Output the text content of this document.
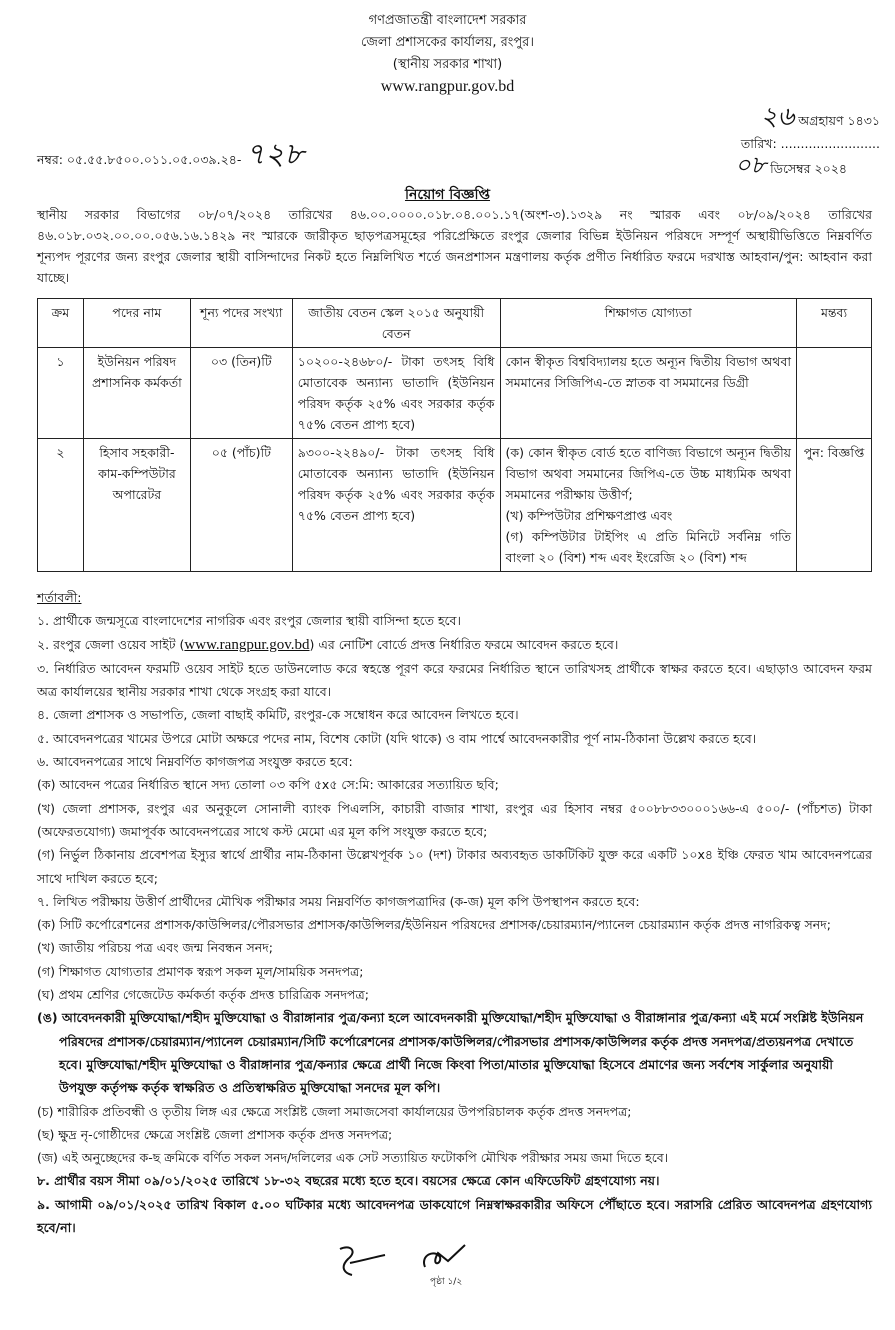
গণপ্রজাতন্ত্রী বাংলাদেশ সরকার
জেলা প্রশাসকের কার্যালয়, রংপুর।
(স্থানীয় সরকার শাখা)
www.rangpur.gov.bd
নম্বর: ০৫.৫৫.৮৫০০.০১১.০৫.০৩৯.২৪- ৭২৮
২৬ অগ্রহায়ণ ১৪৩১
তারিখ: .........................
০৮ ডিসেম্বর ২০২৪
নিয়োগ বিজ্ঞপ্তি

স্থানীয় সরকার বিভাগের ০৮/০৭/২০২৪ তারিখের ৪৬.০০.০০০০.০১৮.০৪.০০১.১৭(অংশ-৩).১৩২৯ নং স্মারক এবং ০৮/০৯/২০২৪ তারিখের ৪৬.০১৮.০৩২.০০.০০.০৫৬.১৬.১৪২৯ নং স্মারকে জারীকৃত ছাড়পত্রসমূহের পরিপ্রেক্ষিতে রংপুর জেলার বিভিন্ন ইউনিয়ন পরিষদে সম্পূর্ণ অস্থায়ীভিত্তিতে নিম্নবর্ণিত শূন্যপদ পূরণের জন্য রংপুর জেলার স্থায়ী বাসিন্দাদের নিকট হতে নিম্নলিখিত শর্তে জনপ্রশাসন মন্ত্রণালয় কর্তৃক প্রণীত নির্ধারিত ফরমে দরখাস্ত আহবান/পুন: আহবান করা যাচ্ছে।

ক্রম	পদের নাম	শূন্য পদের সংখ্যা	জাতীয় বেতন স্কেল ২০১৫ অনুযায়ী বেতন	শিক্ষাগত যোগ্যতা	মন্তব্য
১	ইউনিয়ন পরিষদ প্রশাসনিক কর্মকর্তা	০৩ (তিন)টি	১০২০০-২৪৬৮০/- টাকা তৎসহ বিধি মোতাবেক অন্যান্য ভাতাদি (ইউনিয়ন পরিষদ কর্তৃক ২৫% এবং সরকার কর্তৃক ৭৫% বেতন প্রাপ্য হবে)	কোন স্বীকৃত বিশ্ববিদ্যালয় হতে অন্যূন দ্বিতীয় বিভাগ অথবা সমমানের সিজিপিএ-তে স্নাতক বা সমমানের ডিগ্রী	

২	হিসাব সহকারী-কাম-কম্পিউটার অপারেটর	০৫ (পাঁচ)টি	৯৩০০-২২৪৯০/- টাকা তৎসহ বিধি মোতাবেক অন্যান্য ভাতাদি (ইউনিয়ন পরিষদ কর্তৃক ২৫% এবং সরকার কর্তৃক ৭৫% বেতন প্রাপ্য হবে)	(ক) কোন স্বীকৃত বোর্ড হতে বাণিজ্য বিভাগে অন্যূন দ্বিতীয় বিভাগ অথবা সমমানের জিপিএ-তে উচ্চ মাধ্যমিক অথবা সমমানের পরীক্ষায় উত্তীর্ণ;
(খ) কম্পিউটার প্রশিক্ষণপ্রাপ্ত এবং
(গ) কম্পিউটার টাইপিং এ প্রতি মিনিটে সর্বনিম্ন গতি বাংলা ২০ (বিশ) শব্দ এবং ইংরেজি ২০ (বিশ) শব্দ	পুন: বিজ্ঞপ্তি

শর্তাবলী:

১. প্রার্থীকে জন্মসূত্রে বাংলাদেশের নাগরিক এবং রংপুর জেলার স্থায়ী বাসিন্দা হতে হবে।

২. রংপুর জেলা ওয়েব সাইট (www.rangpur.gov.bd) এর নোটিশ বোর্ডে প্রদত্ত নির্ধারিত ফরমে আবেদন করতে হবে।

৩. নির্ধারিত আবেদন ফরমটি ওয়েব সাইট হতে ডাউনলোড করে স্বহস্তে পূরণ করে ফরমের নির্ধারিত স্থানে তারিখসহ প্রার্থীকে স্বাক্ষর করতে হবে। এছাড়াও আবেদন ফরম অত্র কার্যালয়ের স্থানীয় সরকার শাখা থেকে সংগ্রহ করা যাবে।

৪. জেলা প্রশাসক ও সভাপতি, জেলা বাছাই কমিটি, রংপুর-কে সম্বোধন করে আবেদন লিখতে হবে।

৫. আবেদনপত্রের খামের উপরে মোটা অক্ষরে পদের নাম, বিশেষ কোটা (যদি থাকে) ও বাম পার্শ্বে আবেদনকারীর পূর্ণ নাম-ঠিকানা উল্লেখ করতে হবে।

৬. আবেদনপত্রের সাথে নিম্নবর্ণিত কাগজপত্র সংযুক্ত করতে হবে:

(ক) আবেদন পত্রের নির্ধারিত স্থানে সদ্য তোলা ০৩ কপি ৫x৫ সে:মি: আকারের সত্যায়িত ছবি;

(খ) জেলা প্রশাসক, রংপুর এর অনুকূলে সোনালী ব্যাংক পিএলসি, কাচারী বাজার শাখা, রংপুর এর হিসাব নম্বর ৫০০৮৮৩৩০০০১৬৬-এ ৫০০/- (পাঁচশত) টাকা (অফেরতযোগ্য) জমাপূর্বক আবেদনপত্রের সাথে কস্ট মেমো এর মূল কপি সংযুক্ত করতে হবে;

(গ) নির্ভুল ঠিকানায় প্রবেশপত্র ইস্যুর স্বার্থে প্রার্থীর নাম-ঠিকানা উল্লেখপূর্বক ১০ (দশ) টাকার অব্যবহৃত ডাকটিকিট যুক্ত করে একটি ১০x৪ ইঞ্চি ফেরত খাম আবেদনপত্রের সাথে দাখিল করতে হবে;

৭. লিখিত পরীক্ষায় উত্তীর্ণ প্রার্থীদের মৌখিক পরীক্ষার সময় নিম্নবর্ণিত কাগজপত্রাদির (ক-জ) মূল কপি উপস্থাপন করতে হবে:

(ক) সিটি কর্পোরেশনের প্রশাসক/কাউন্সিলর/পৌরসভার প্রশাসক/কাউন্সিলর/ইউনিয়ন পরিষদের প্রশাসক/চেয়ারম্যান/প্যানেল চেয়ারম্যান কর্তৃক প্রদত্ত নাগরিকত্ব সনদ;

(খ) জাতীয় পরিচয় পত্র এবং জন্ম নিবন্ধন সনদ;

(গ) শিক্ষাগত যোগ্যতার প্রমাণক স্বরূপ সকল মূল/সাময়িক সনদপত্র;

(ঘ) প্রথম শ্রেণির গেজেটেড কর্মকর্তা কর্তৃক প্রদত্ত চারিত্রিক সনদপত্র;

(ঙ) আবেদনকারী মুক্তিযোদ্ধা/শহীদ মুক্তিযোদ্ধা ও বীরাঙ্গানার পুত্র/কন্যা হলে আবেদনকারী মুক্তিযোদ্ধা/শহীদ মুক্তিযোদ্ধা ও বীরাঙ্গানার পুত্র/কন্যা এই মর্মে সংশ্লিষ্ট ইউনিয়ন পরিষদের প্রশাসক/চেয়ারম্যান/প্যানেল চেয়ারম্যান/সিটি কর্পোরেশনের প্রশাসক/কাউন্সিলর/পৌরসভার প্রশাসক/কাউন্সিলর কর্তৃক প্রদত্ত সনদপত্র/প্রত্যয়নপত্র দেখাতে হবে। মুক্তিযোদ্ধা/শহীদ মুক্তিযোদ্ধা ও বীরাঙ্গানার পুত্র/কন্যার ক্ষেত্রে প্রার্থী নিজে কিংবা পিতা/মাতার মুক্তিযোদ্ধা হিসেবে প্রমাণের জন্য সর্বশেষ সার্কুলার অনুযায়ী উপযুক্ত কর্তৃপক্ষ কর্তৃক স্বাক্ষরিত ও প্রতিস্বাক্ষরিত মুক্তিযোদ্ধা সনদের মূল কপি।

(চ) শারীরিক প্রতিবন্ধী ও তৃতীয় লিঙ্গ এর ক্ষেত্রে সংশ্লিষ্ট জেলা সমাজসেবা কার্যালয়ের উপপরিচালক কর্তৃক প্রদত্ত সনদপত্র;

(ছ) ক্ষুদ্র নৃ-গোষ্ঠীদের ক্ষেত্রে সংশ্লিষ্ট জেলা প্রশাসক কর্তৃক প্রদত্ত সনদপত্র;

(জ) এই অনুচ্ছেদের ক-ছ ক্রমিকে বর্ণিত সকল সনদ/দলিলের এক সেট সত্যায়িত ফটোকপি মৌখিক পরীক্ষার সময় জমা দিতে হবে।

৮. প্রার্থীর বয়স সীমা ০৯/০১/২০২৫ তারিখে ১৮-৩২ বছরের মধ্যে হতে হবে। বয়সের ক্ষেত্রে কোন এফিডেফিট গ্রহণযোগ্য নয়।

৯. আগামী ০৯/০১/২০২৫ তারিখ বিকাল ৫.০০ ঘটিকার মধ্যে আবেদনপত্র ডাকযোগে নিম্নস্বাক্ষরকারীর অফিসে পৌঁছাতে হবে। সরাসরি প্রেরিত আবেদনপত্র গ্রহণযোগ্য হবে/না।

পৃষ্ঠা ১/২
